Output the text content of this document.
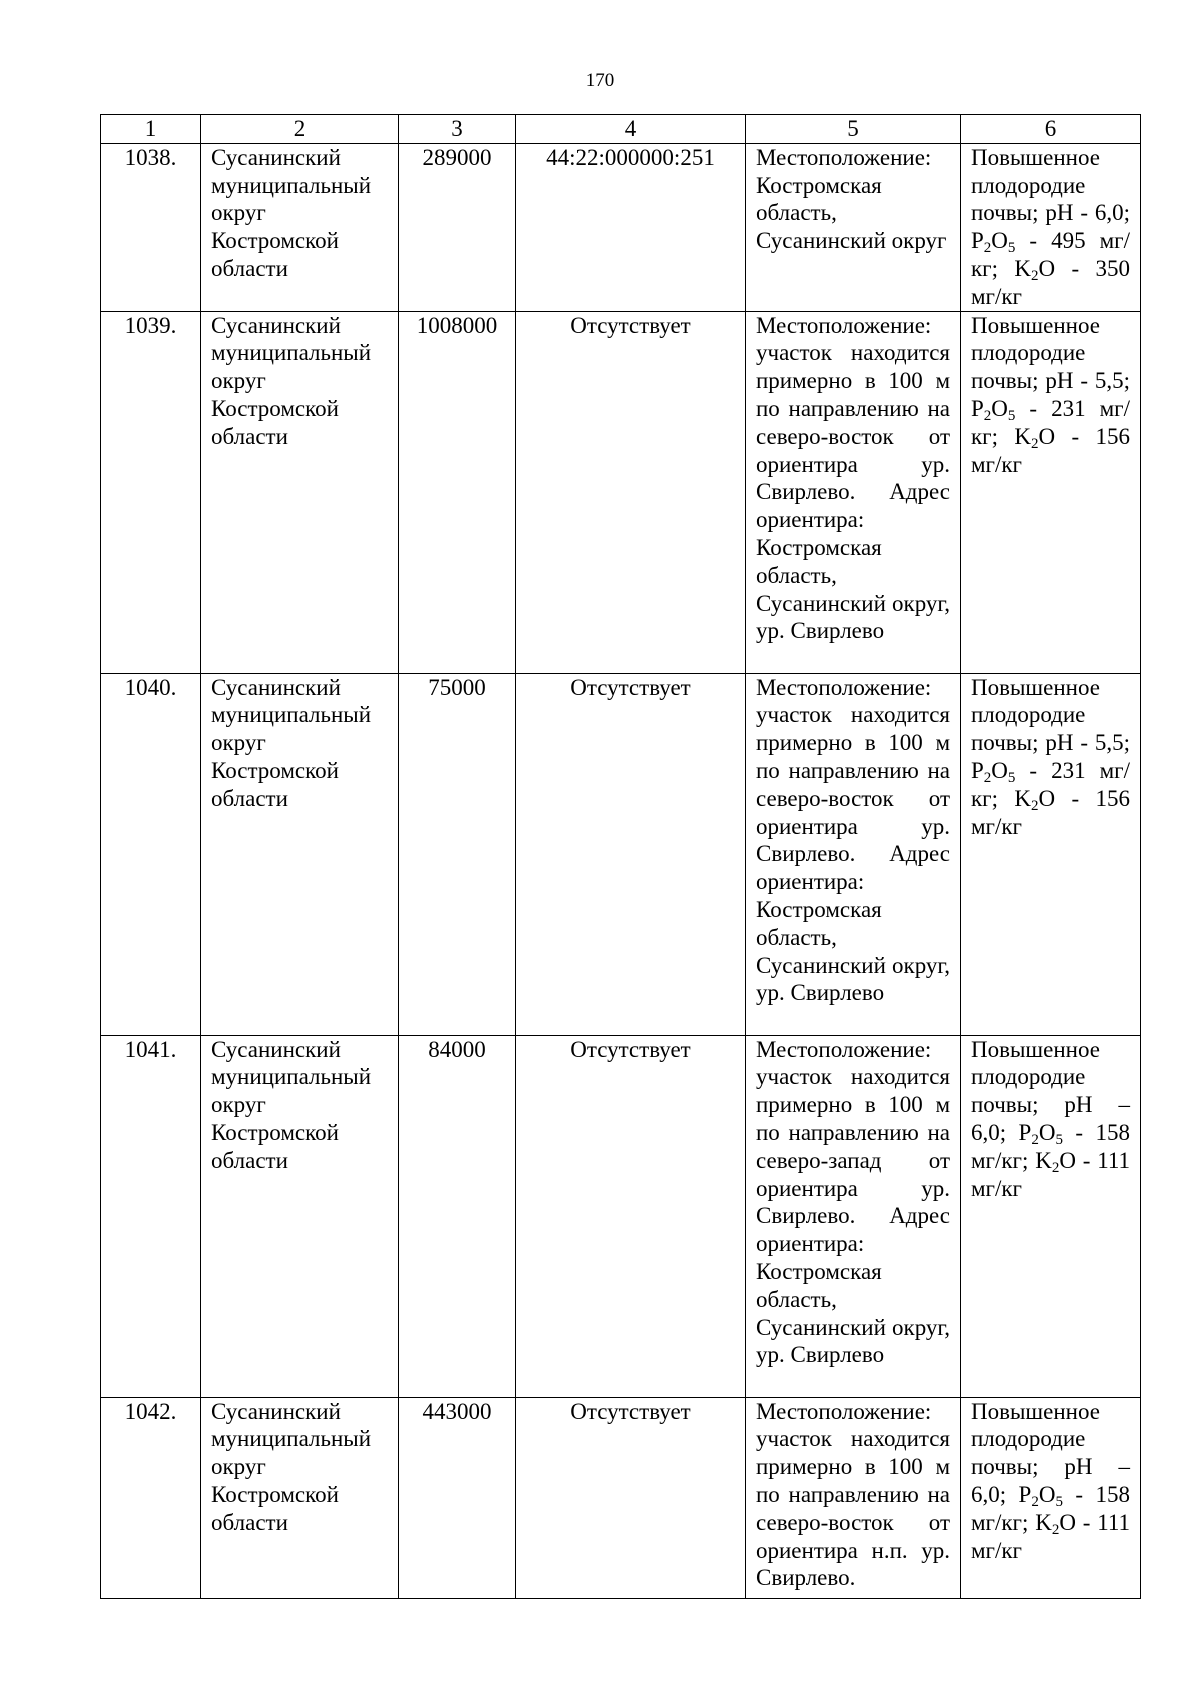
170
1	2	3	4	5	6
1038.	Сусанинский муниципальный округ Костромской области	289000	44:22:000000:251	Местоположение: Костромская область, Сусанинский округ	Повышенное плодородие почвы; pH - 6,0; $P_2O_5 - 495$ мг/кг; $K_2O - 350$ мг/кг
1039.	Сусанинский муниципальный округ Костромской области	1008000	Отсутствует	Местоположение: участок находится примерно в 100 м по направлению на северо-восток от ориентира ур. Свирлево. Адрес ориентира: Костромская область, Сусанинский округ, ур. Свирлево	Повышенное плодородие почвы; pH - 5,5; $P_2O_5 - 231$ мг/кг; $K_2O - 156$ мг/кг
1040.	Сусанинский муниципальный округ Костромской области	75000	Отсутствует	Местоположение: участок находится примерно в 100 м по направлению на северо-восток от ориентира ур. Свирлево. Адрес ориентира: Костромская область, Сусанинский округ, ур. Свирлево	Повышенное плодородие почвы; pH - 5,5; $P_2O_5 - 231$ мг/кг; $K_2O - 156$ мг/кг
1041.	Сусанинский муниципальный округ Костромской области	84000	Отсутствует	Местоположение: участок находится примерно в 100 м по направлению на северо-запад от ориентира ур. Свирлево. Адрес ориентира: Костромская область, Сусанинский округ, ур. Свирлево	Повышенное плодородие почвы; pH – 6,0; $P_2O_5 - 158$ мг/кг; $K_2O - 111$ мг/кг
1042.	Сусанинский муниципальный округ Костромской области	443000	Отсутствует	Местоположение: участок находится примерно в 100 м по направлению на северо-восток от ориентира н.п. ур. Свирлево.	Повышенное плодородие почвы; pH – 6,0; $P_2O_5 - 158$ мг/кг; $K_2O - 111$ мг/кг
